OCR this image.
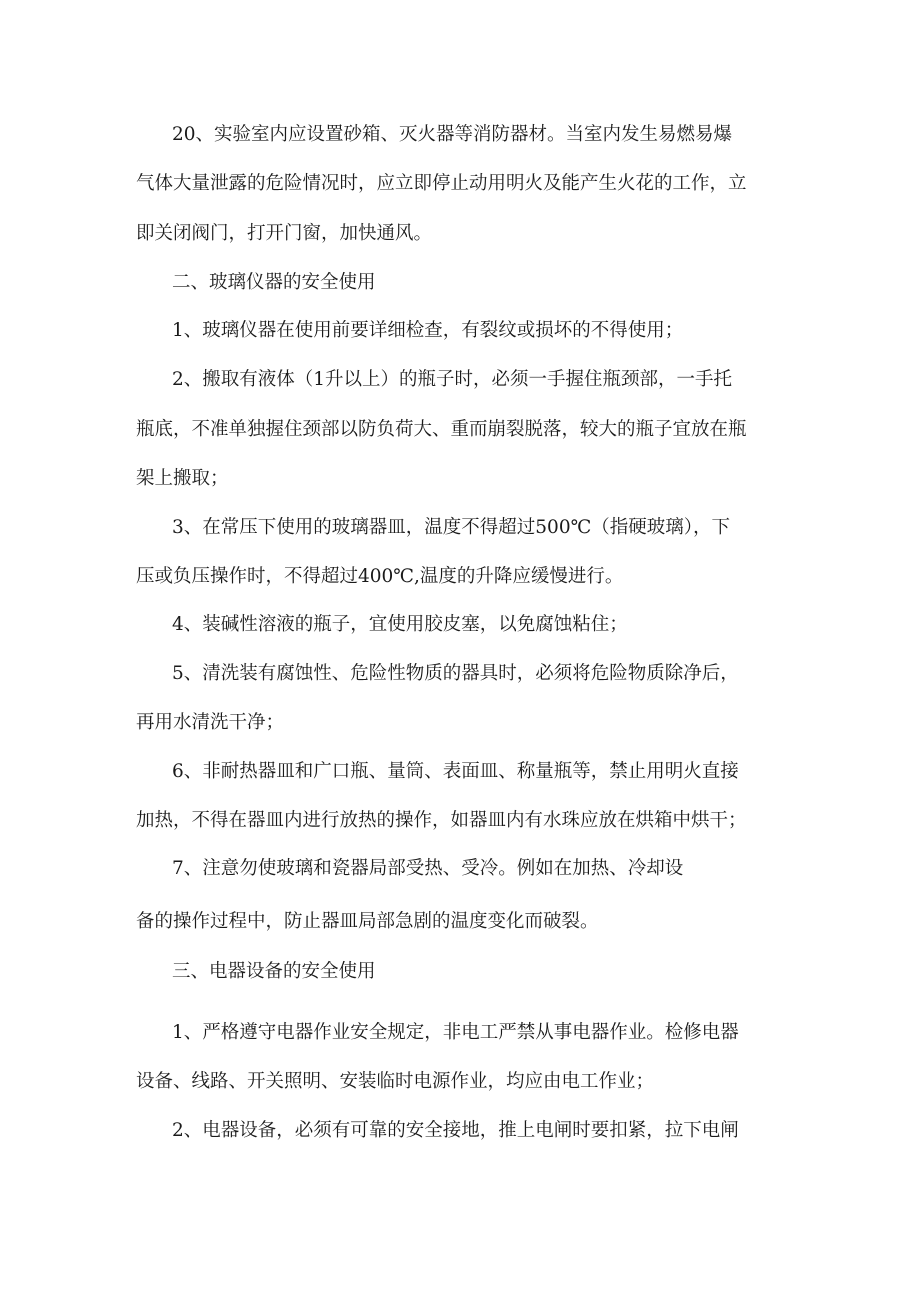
20、实验室内应设置砂箱、灭火器等消防器材。当室内发生易燃易爆

气体大量泄露的危险情况时，应立即停止动用明火及能产生火花的工作，立

即关闭阀门，打开门窗，加快通风。

二、玻璃仪器的安全使用

1、玻璃仪器在使用前要详细检查，有裂纹或损坏的不得使用；

2、搬取有液体（1升以上）的瓶子时，必须一手握住瓶颈部，一手托

瓶底，不准单独握住颈部以防负荷大、重而崩裂脱落，较大的瓶子宜放在瓶

架上搬取；

3、在常压下使用的玻璃器皿，温度不得超过500℃（指硬玻璃），下

压或负压操作时，不得超过400℃,温度的升降应缓慢进行。

4、装碱性溶液的瓶子，宜使用胶皮塞，以免腐蚀粘住；

5、清洗装有腐蚀性、危险性物质的器具时，必须将危险物质除净后，

再用水清洗干净；

6、非耐热器皿和广口瓶、量筒、表面皿、称量瓶等，禁止用明火直接

加热，不得在器皿内进行放热的操作，如器皿内有水珠应放在烘箱中烘干；

7、注意勿使玻璃和瓷器局部受热、受冷。例如在加热、冷却设

备的操作过程中，防止器皿局部急剧的温度变化而破裂。

三、电器设备的安全使用

1、严格遵守电器作业安全规定，非电工严禁从事电器作业。检修电器

设备、线路、开关照明、安装临时电源作业，均应由电工作业；

2、电器设备，必须有可靠的安全接地，推上电闸时要扣紧，拉下电闸
